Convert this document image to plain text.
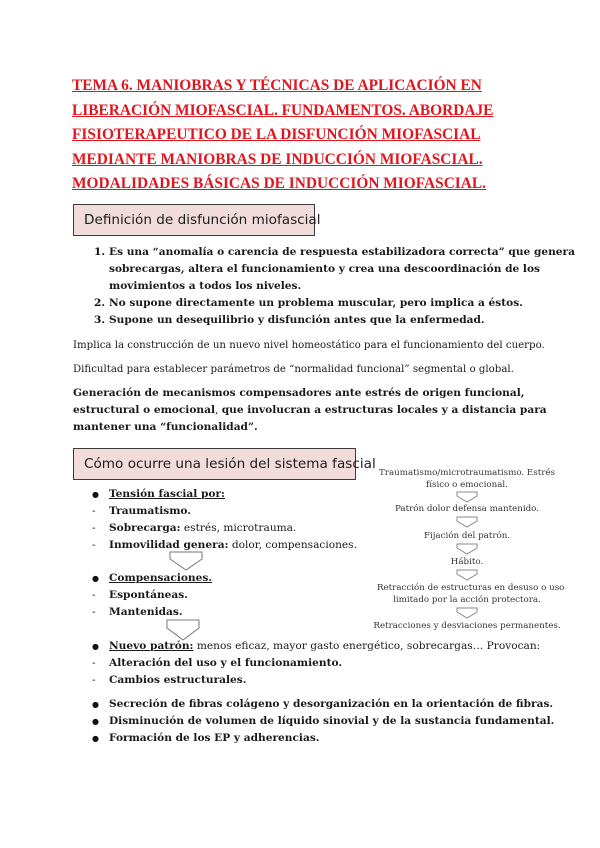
TEMA 6. MANIOBRAS Y TÉCNICAS DE APLICACIÓN EN
LIBERACIÓN MIOFASCIAL. FUNDAMENTOS. ABORDAJE
FISIOTERAPEUTICO DE LA DISFUNCIÓN MIOFASCIAL
MEDIANTE MANIOBRAS DE INDUCCIÓN MIOFASCIAL.
MODALIDADES BÁSICAS DE INDUCCIÓN MIOFASCIAL.
Definición de disfunción miofascial
1. Es una “anomalía o carencia de respuesta estabilizadora correcta” que genera
sobrecargas, altera el funcionamiento y crea una descoordinación de los
movimientos a todos los niveles.
2. No supone directamente un problema muscular, pero implica a éstos.
3. Supone un desequilibrio y disfunción antes que la enfermedad.
Implica la construcción de un nuevo nivel homeostático para el funcionamiento del cuerpo.
Dificultad para establecer parámetros de “normalidad funcional” segmental o global.
Generación de mecanismos compensadores ante estrés de origen funcional,
estructural o emocional, que involucran a estructuras locales y a distancia para
mantener una “funcionalidad”.
Cómo ocurre una lesión del sistema fascial
● Tensión fascial por:
- Traumatismo.
- Sobrecarga: estrés, microtrauma.
- Inmovilidad genera: dolor, compensaciones.
● Compensaciones.
- Espontáneas.
- Mantenidas.
● Nuevo patrón: menos eficaz, mayor gasto energético, sobrecargas… Provocan:
- Alteración del uso y el funcionamiento.
- Cambios estructurales.
● Secreción de fibras colágeno y desorganización en la orientación de fibras.
● Disminución de volumen de líquido sinovial y de la sustancia fundamental.
● Formación de los EP y adherencias.
Traumatismo/microtraumatismo. Estrés
físico o emocional.
Patrón dolor defensa mantenido.
Fijación del patrón.
Hábito.
Retracción de estructuras en desuso o uso
limitado por la acción protectora.
Retracciones y desviaciones permanentes.
